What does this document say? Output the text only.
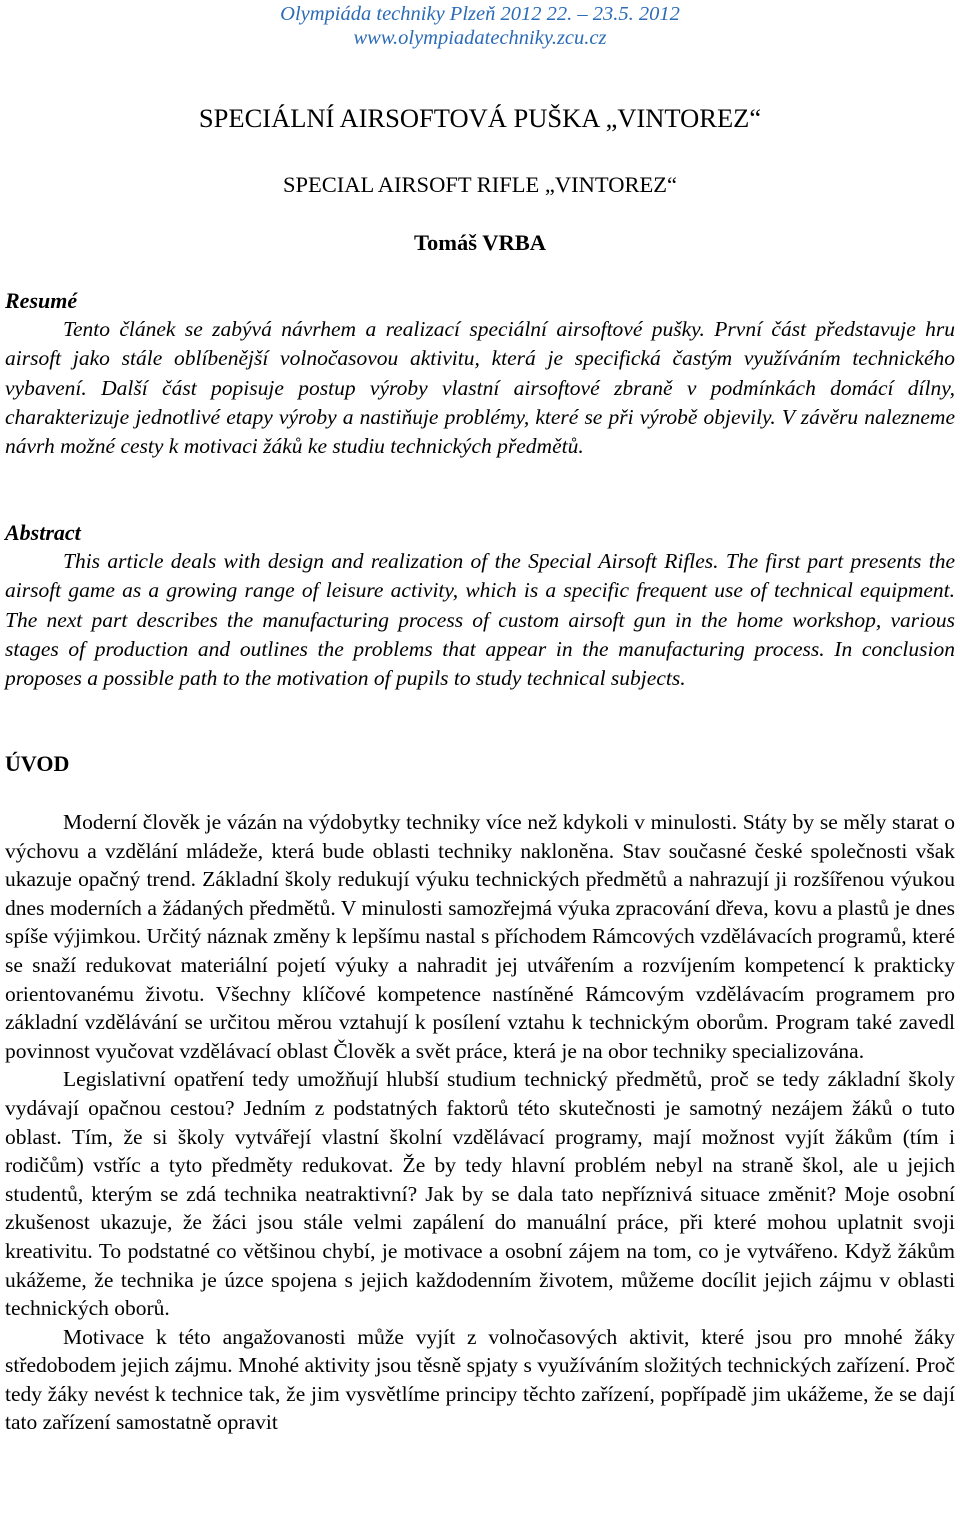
Olympiáda techniky Plzeň 2012 22. – 23.5. 2012
www.olympiadatechniky.zcu.cz
SPECIÁLNÍ AIRSOFTOVÁ PUŠKA „VINTOREZ“
SPECIAL AIRSOFT RIFLE „VINTOREZ“
Tomáš VRBA
Resumé

Tento článek se zabývá návrhem a realizací speciální airsoftové pušky. První část představuje hru airsoft jako stále oblíbenější volnočasovou aktivitu, která je specifická častým využíváním technického vybavení. Další část popisuje postup výroby vlastní airsoftové zbraně v podmínkách domácí dílny, charakterizuje jednotlivé etapy výroby a nastiňuje problémy, které se při výrobě objevily. V závěru nalezneme návrh možné cesty k motivaci žáků ke studiu technických předmětů.

Abstract

This article deals with design and realization of the Special Airsoft Rifles. The first part presents the airsoft game as a growing range of leisure activity, which is a specific frequent use of technical equipment. The next part describes the manufacturing process of custom airsoft gun in the home workshop, various stages of production and outlines the problems that appear in the manufacturing process. In conclusion proposes a possible path to the motivation of pupils to study technical subjects.

ÚVOD

Moderní člověk je vázán na výdobytky techniky více než kdykoli v minulosti. Státy by se měly starat o výchovu a vzdělání mládeže, která bude oblasti techniky nakloněna. Stav současné české společnosti však ukazuje opačný trend. Základní školy redukují výuku technických předmětů a nahrazují ji rozšířenou výukou dnes moderních a žádaných předmětů. V minulosti samozřejmá výuka zpracování dřeva, kovu a plastů je dnes spíše výjimkou. Určitý náznak změny k lepšímu nastal s příchodem Rámcových vzdělávacích programů, které se snaží redukovat materiální pojetí výuky a nahradit jej utvářením a rozvíjením kompetencí k prakticky orientovanému životu. Všechny klíčové kompetence nastíněné Rámcovým vzdělávacím programem pro základní vzdělávání se určitou měrou vztahují k posílení vztahu k technickým oborům. Program také zavedl povinnost vyučovat vzdělávací oblast Člověk a svět práce, která je na obor techniky specializována.

Legislativní opatření tedy umožňují hlubší studium technický předmětů, proč se tedy základní školy vydávají opačnou cestou? Jedním z podstatných faktorů této skutečnosti je samotný nezájem žáků o tuto oblast. Tím, že si školy vytvářejí vlastní školní vzdělávací programy, mají možnost vyjít žákům (tím i rodičům) vstříc a tyto předměty redukovat. Že by tedy hlavní problém nebyl na straně škol, ale u jejich studentů, kterým se zdá technika neatraktivní? Jak by se dala tato nepříznivá situace změnit? Moje osobní zkušenost ukazuje, že žáci jsou stále velmi zapálení do manuální práce, při které mohou uplatnit svoji kreativitu. To podstatné co většinou chybí, je motivace a osobní zájem na tom, co je vytvářeno. Když žákům ukážeme, že technika je úzce spojena s jejich každodenním životem, můžeme docílit jejich zájmu v oblasti technických oborů.

Motivace k této angažovanosti může vyjít z volnočasových aktivit, které jsou pro mnohé žáky středobodem jejich zájmu. Mnohé aktivity jsou těsně spjaty s využíváním složitých technických zařízení. Proč tedy žáky nevést k technice tak, že jim vysvětlíme principy těchto zařízení, popřípadě jim ukážeme, že se dají tato zařízení samostatně opravit
